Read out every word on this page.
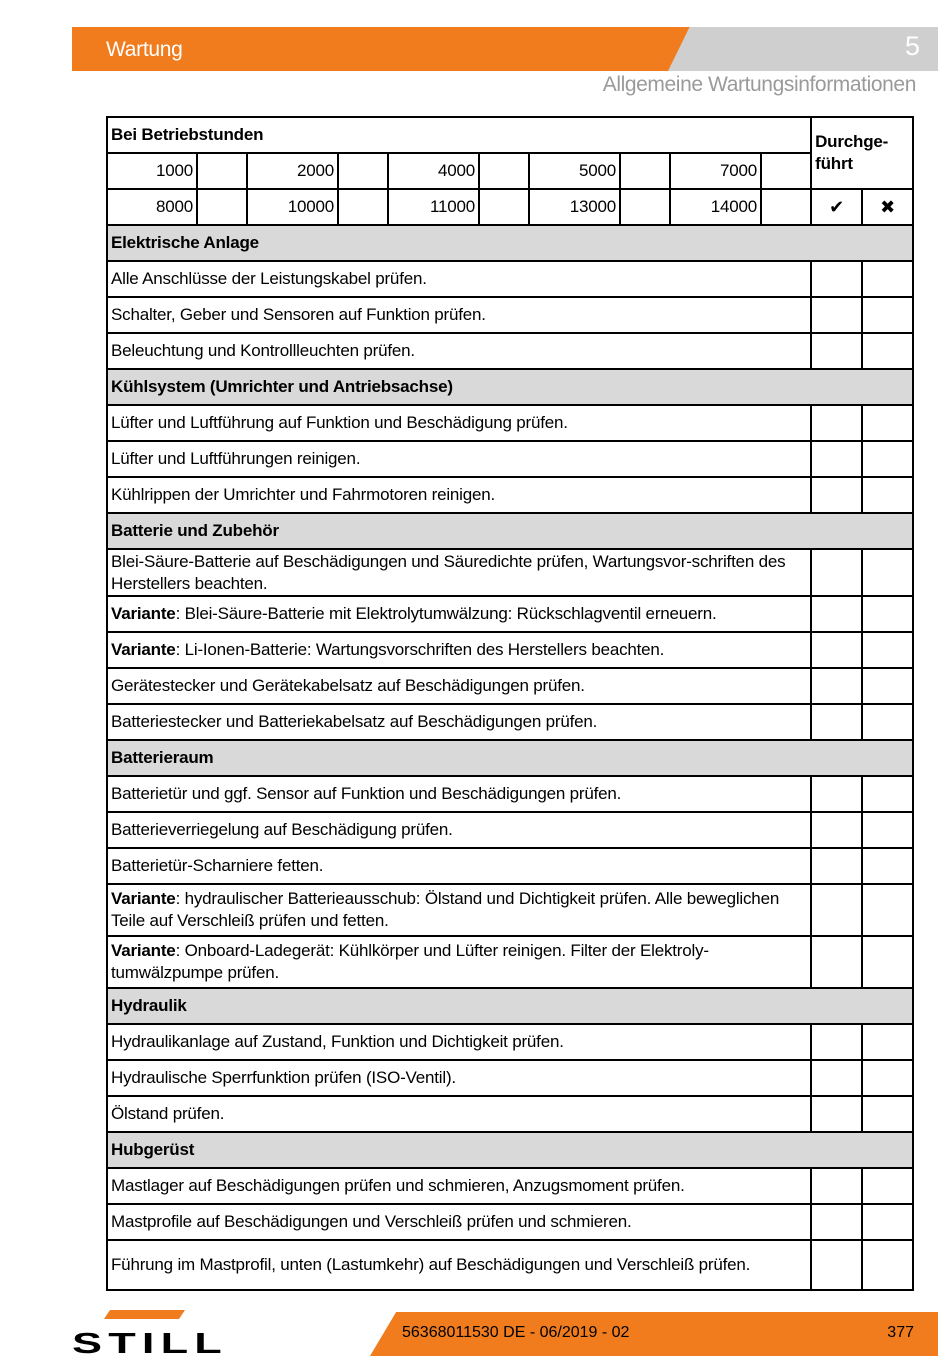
Wartung	5
Allgemeine Wartungsinformationen
Bei Betriebstunden										Durchge-
führt	
1000		2000		4000		5000		7000			
8000		10000		11000		13000		14000		✔	✖
Elektrische Anlage											
Alle Anschlüsse der Leistungskabel prüfen.											
Schalter, Geber und Sensoren auf Funktion prüfen.											
Beleuchtung und Kontrollleuchten prüfen.											
Kühlsystem (Umrichter und Antriebsachse)											
Lüfter und Luftführung auf Funktion und Beschädigung prüfen.											
Lüfter und Luftführungen reinigen.											
Kühlrippen der Umrichter und Fahrmotoren reinigen.											
Batterie und Zubehör											
Blei-Säure-Batterie auf Beschädigungen und Säuredichte prüfen, Wartungsvor-schriften des Herstellers beachten.											
Variante: Blei-Säure-Batterie mit Elektrolytumwälzung: Rückschlagventil erneuern.											
Variante: Li-Ionen-Batterie: Wartungsvorschriften des Herstellers beachten.											
Gerätestecker und Gerätekabelsatz auf Beschädigungen prüfen.											
Batteriestecker und Batteriekabelsatz auf Beschädigungen prüfen.											
Batterieraum											
Batterietür und ggf. Sensor auf Funktion und Beschädigungen prüfen.											
Batterieverriegelung auf Beschädigung prüfen.											
Batterietür-Scharniere fetten.											
Variante: hydraulischer Batterieausschub: Ölstand und Dichtigkeit prüfen. Alle beweglichen Teile auf Verschleiß prüfen und fetten.											
Variante: Onboard-Ladegerät: Kühlkörper und Lüfter reinigen. Filter der Elektroly-tumwälzpumpe prüfen.											
Hydraulik											
Hydraulikanlage auf Zustand, Funktion und Dichtigkeit prüfen.											
Hydraulische Sperrfunktion prüfen (ISO-Ventil).											
Ölstand prüfen.											
Hubgerüst											
Mastlager auf Beschädigungen prüfen und schmieren, Anzugsmoment prüfen.											
Mastprofile auf Beschädigungen und Verschleiß prüfen und schmieren.											
Führung im Mastprofil, unten (Lastumkehr) auf Beschädigungen und Verschleiß prüfen.											
STILL	56368011530 DE - 06/2019 - 02	377
